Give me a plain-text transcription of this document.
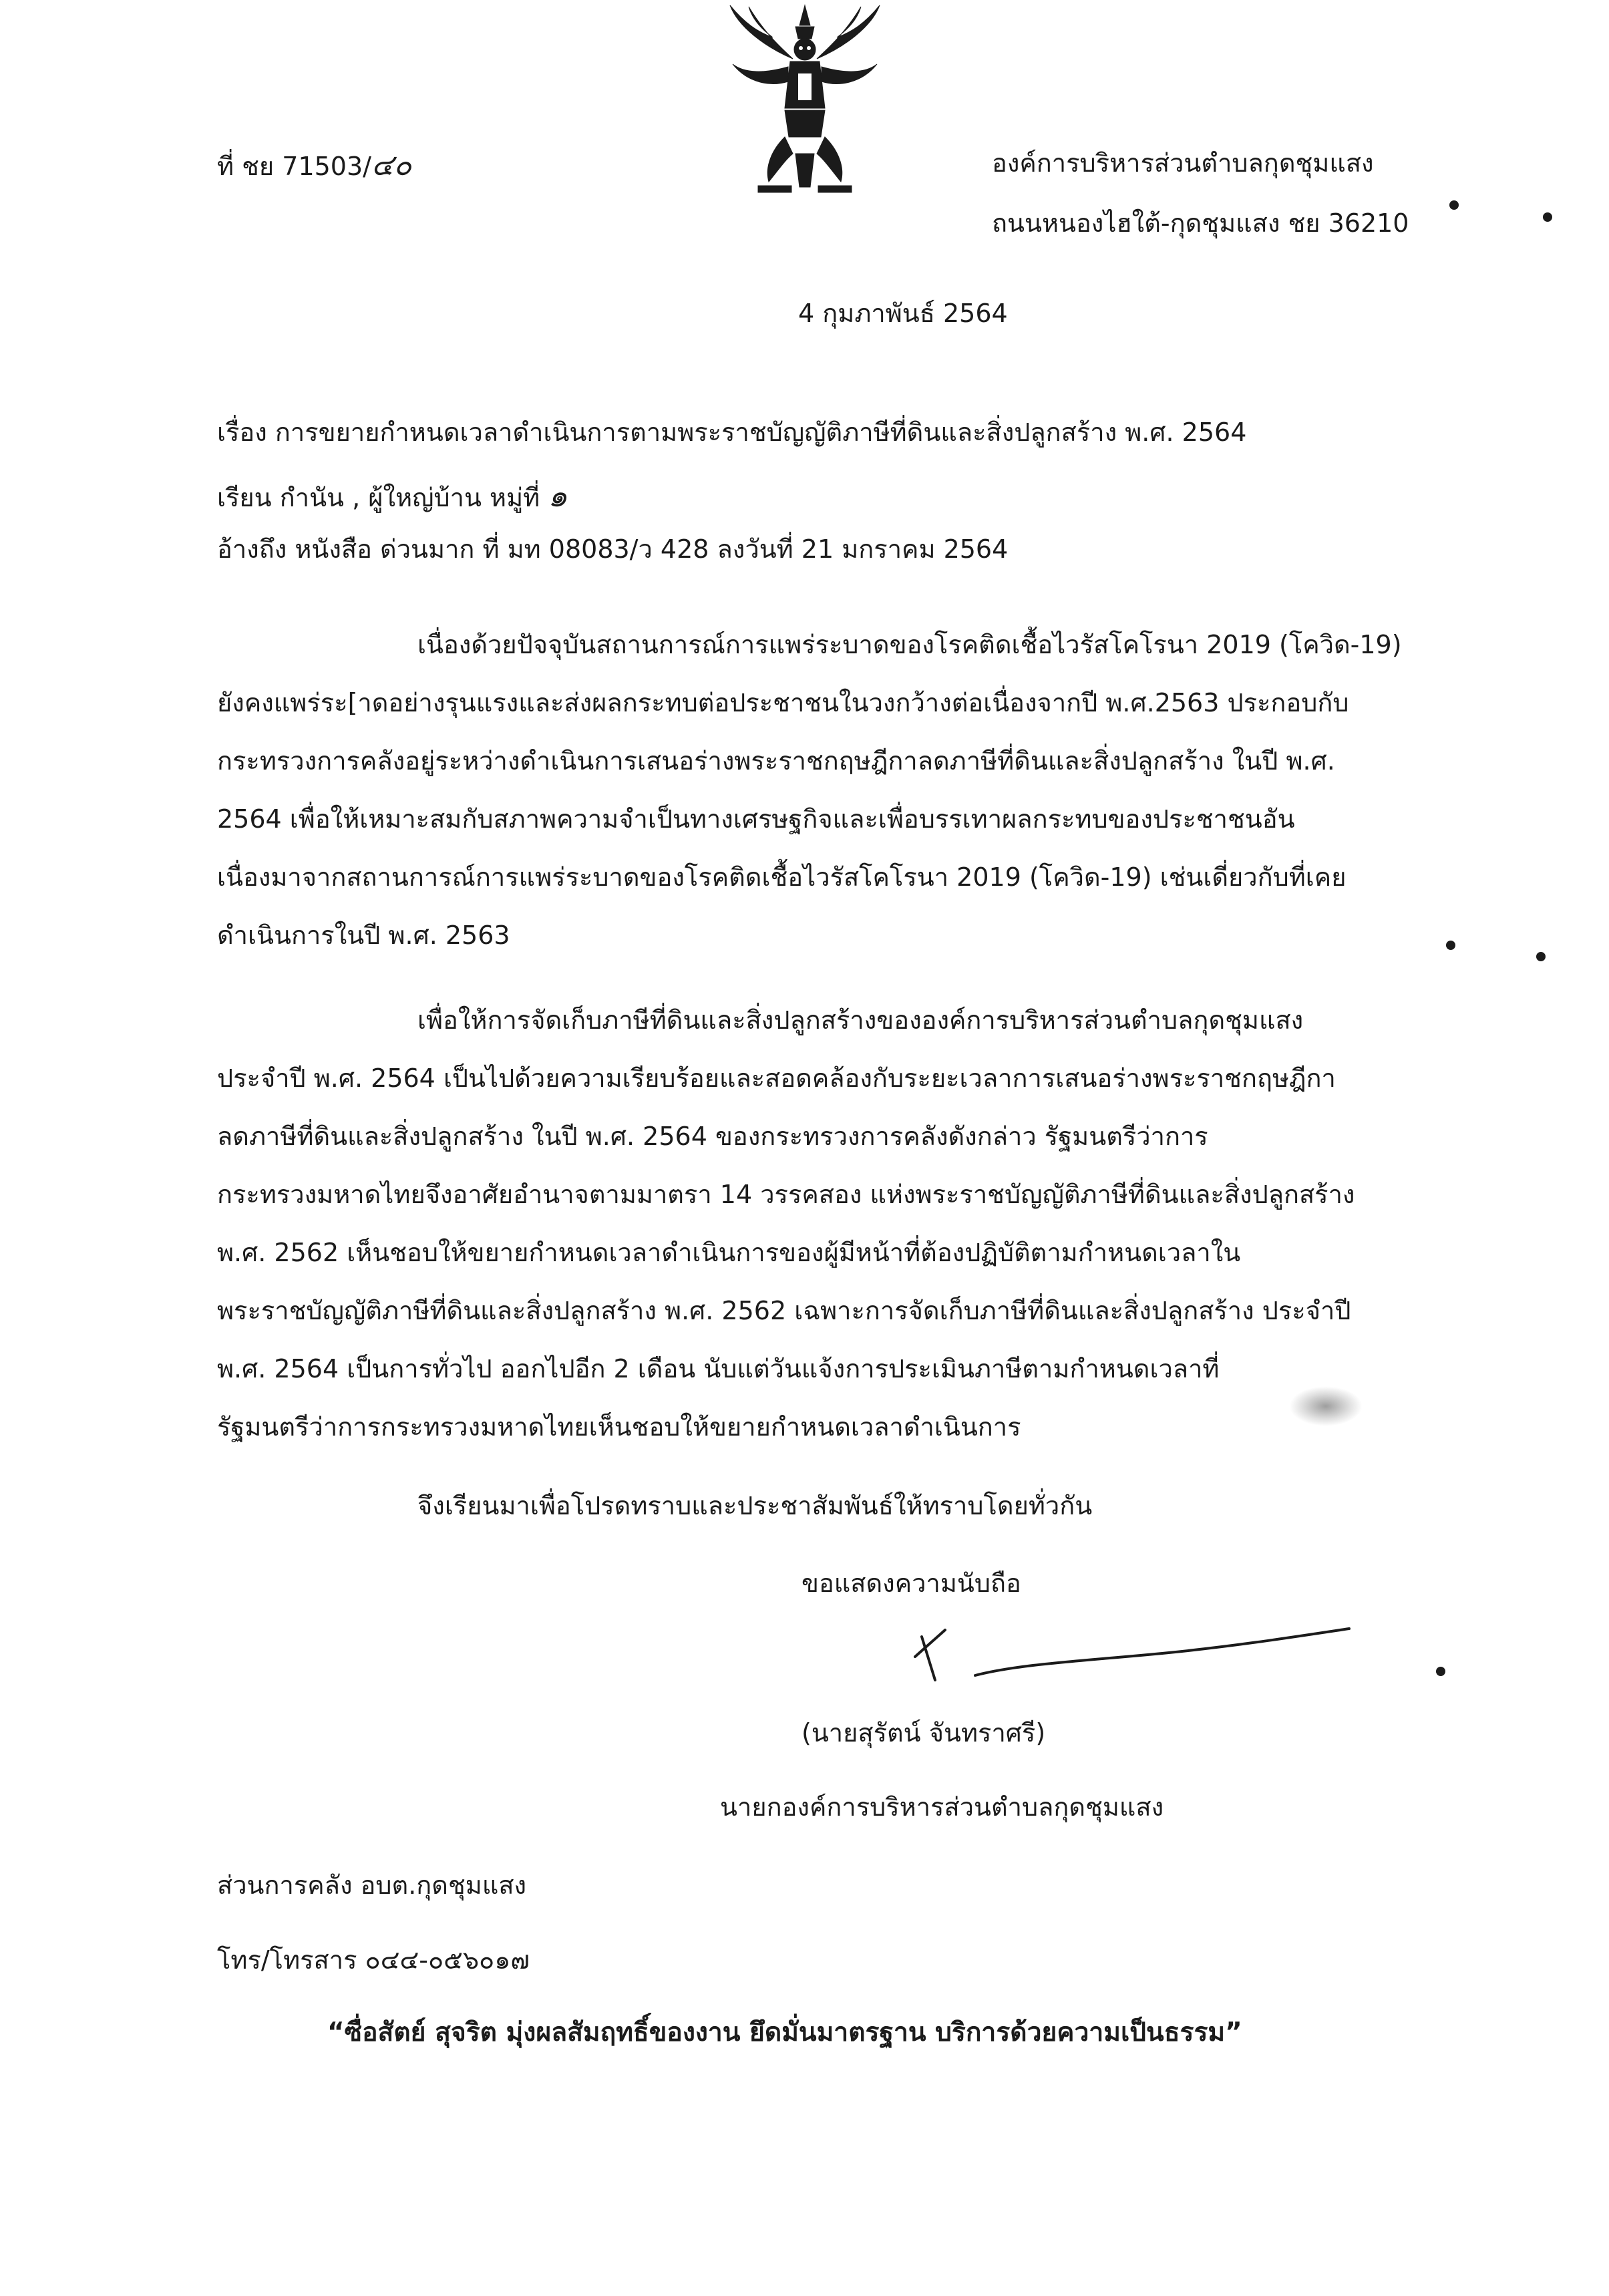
ที่ ชย 71503/๔๐	องค์การบริหารส่วนตำบลกุดชุมแสง
ถนนหนองไฮใต้-กุดชุมแสง ชย 36210
4 กุมภาพันธ์ 2564
เรื่อง การขยายกำหนดเวลาดำเนินการตามพระราชบัญญัติภาษีที่ดินและสิ่งปลูกสร้าง พ.ศ. 2564
เรียน กำนัน , ผู้ใหญ่บ้าน หมู่ที่ ๑
อ้างถึง หนังสือ ด่วนมาก ที่ มท 08083/ว 428 ลงวันที่ 21 มกราคม 2564
เนื่องด้วยปัจจุบันสถานการณ์การแพร่ระบาดของโรคติดเชื้อไวรัสโคโรนา 2019 (โควิด-19)
ยังคงแพร่ระ[าดอย่างรุนแรงและส่งผลกระทบต่อประชาชนในวงกว้างต่อเนื่องจากปี พ.ศ.2563 ประกอบกับ
กระทรวงการคลังอยู่ระหว่างดำเนินการเสนอร่างพระราชกฤษฎีกาลดภาษีที่ดินและสิ่งปลูกสร้าง ในปี พ.ศ.
2564 เพื่อให้เหมาะสมกับสภาพความจำเป็นทางเศรษฐกิจและเพื่อบรรเทาผลกระทบของประชาชนอัน
เนื่องมาจากสถานการณ์การแพร่ระบาดของโรคติดเชื้อไวรัสโคโรนา 2019 (โควิด-19) เช่นเดี่ยวกับที่เคย
ดำเนินการในปี พ.ศ. 2563
เพื่อให้การจัดเก็บภาษีที่ดินและสิ่งปลูกสร้างขององค์การบริหารส่วนตำบลกุดชุมแสง
ประจำปี พ.ศ. 2564 เป็นไปด้วยความเรียบร้อยและสอดคล้องกับระยะเวลาการเสนอร่างพระราชกฤษฎีกา
ลดภาษีที่ดินและสิ่งปลูกสร้าง ในปี พ.ศ. 2564 ของกระทรวงการคลังดังกล่าว รัฐมนตรีว่าการ
กระทรวงมหาดไทยจึงอาศัยอำนาจตามมาตรา 14 วรรคสอง แห่งพระราชบัญญัติภาษีที่ดินและสิ่งปลูกสร้าง
พ.ศ. 2562 เห็นชอบให้ขยายกำหนดเวลาดำเนินการของผู้มีหน้าที่ต้องปฏิบัติตามกำหนดเวลาใน
พระราชบัญญัติภาษีที่ดินและสิ่งปลูกสร้าง พ.ศ. 2562 เฉพาะการจัดเก็บภาษีที่ดินและสิ่งปลูกสร้าง ประจำปี
พ.ศ. 2564 เป็นการทั่วไป ออกไปอีก 2 เดือน นับแต่วันแจ้งการประเมินภาษีตามกำหนดเวลาที่
รัฐมนตรีว่าการกระทรวงมหาดไทยเห็นชอบให้ขยายกำหนดเวลาดำเนินการ
จึงเรียนมาเพื่อโปรดทราบและประชาสัมพันธ์ให้ทราบโดยทั่วกัน
ขอแสดงความนับถือ
(นายสุรัตน์ จันทราศรี)
นายกองค์การบริหารส่วนตำบลกุดชุมแสง
ส่วนการคลัง อบต.กุดชุมแสง
โทร/โทรสาร ๐๔๔-๐๕๖๐๑๗
“ซื่อสัตย์ สุจริต มุ่งผลสัมฤทธิ์ของงาน ยึดมั่นมาตรฐาน บริการด้วยความเป็นธรรม”
